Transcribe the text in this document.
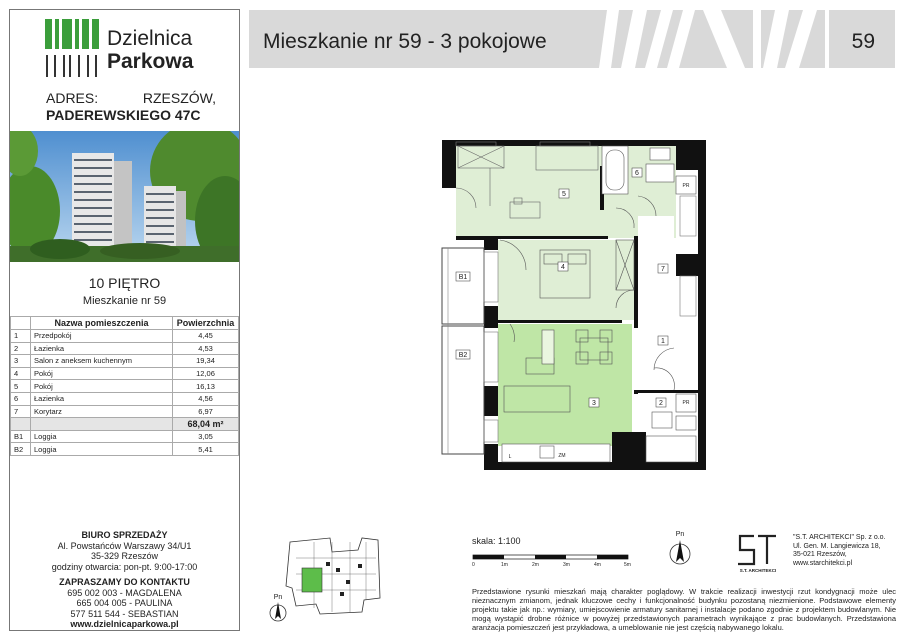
Dzielnica
Parkowa
ADRES:	RZESZÓW,
PADEREWSKIEGO 47C
10 PIĘTRO
Mieszkanie nr 59
	Nazwa pomieszczenia	Powierzchnia
1	Przedpokój	4,45
2	Łazienka	4,53
3	Salon z aneksem kuchennym	19,34
4	Pokój	12,06
5	Pokój	16,13
6	Łazienka	4,56
7	Korytarz	6,97
		68,04 m²
B1	Loggia	3,05
B2	Loggia	5,41
BIURO SPRZEDAŻY
Al. Powstańców Warszawy 34/U1
35-329 Rzeszów
godziny otwarcia: pon-pt. 9:00-17:00
ZAPRASZAMY DO KONTAKTU
695 002 003 - MAGDALENA
665 004 005 - PAULINA
577 511 544 - SEBASTIAN
www.dzielnicaparkowa.pl
Mieszkanie nr 59 - 3 pokojowe	59
5
4
3
7
1
6
2
B1
B2
PR
PR
L	ZM
Pn
skala: 1:100
0	1m	2m	3m	4m	5m
Pn
S.T. ARCHITEKCI
"S.T. ARCHITEKCI" Sp. z o.o.
Ul. Gen. M. Langiewicza 18,
35-021 Rzeszów,
www.starchitekci.pl
Przedstawione rysunki mieszkań mają charakter poglądowy. W trakcie realizacji inwestycji rzut kondygnacji może ulec nieznacznym zmianom, jednak kluczowe cechy i funkcjonalność budynku pozostaną niezmienione. Podstawowe elementy projektu takie jak np.: wymiary, umiejscowienie armatury sanitarnej i instalacje podano zgodnie z projektem budowlanym. Nie mogą wystąpić drobne różnice w powyżej przedstawionych parametrach wynikające z prac budowlanych. Przedstawiona aranżacja pomieszczeń jest przykładowa, a umeblowanie nie jest częścią nabywanego lokalu.
